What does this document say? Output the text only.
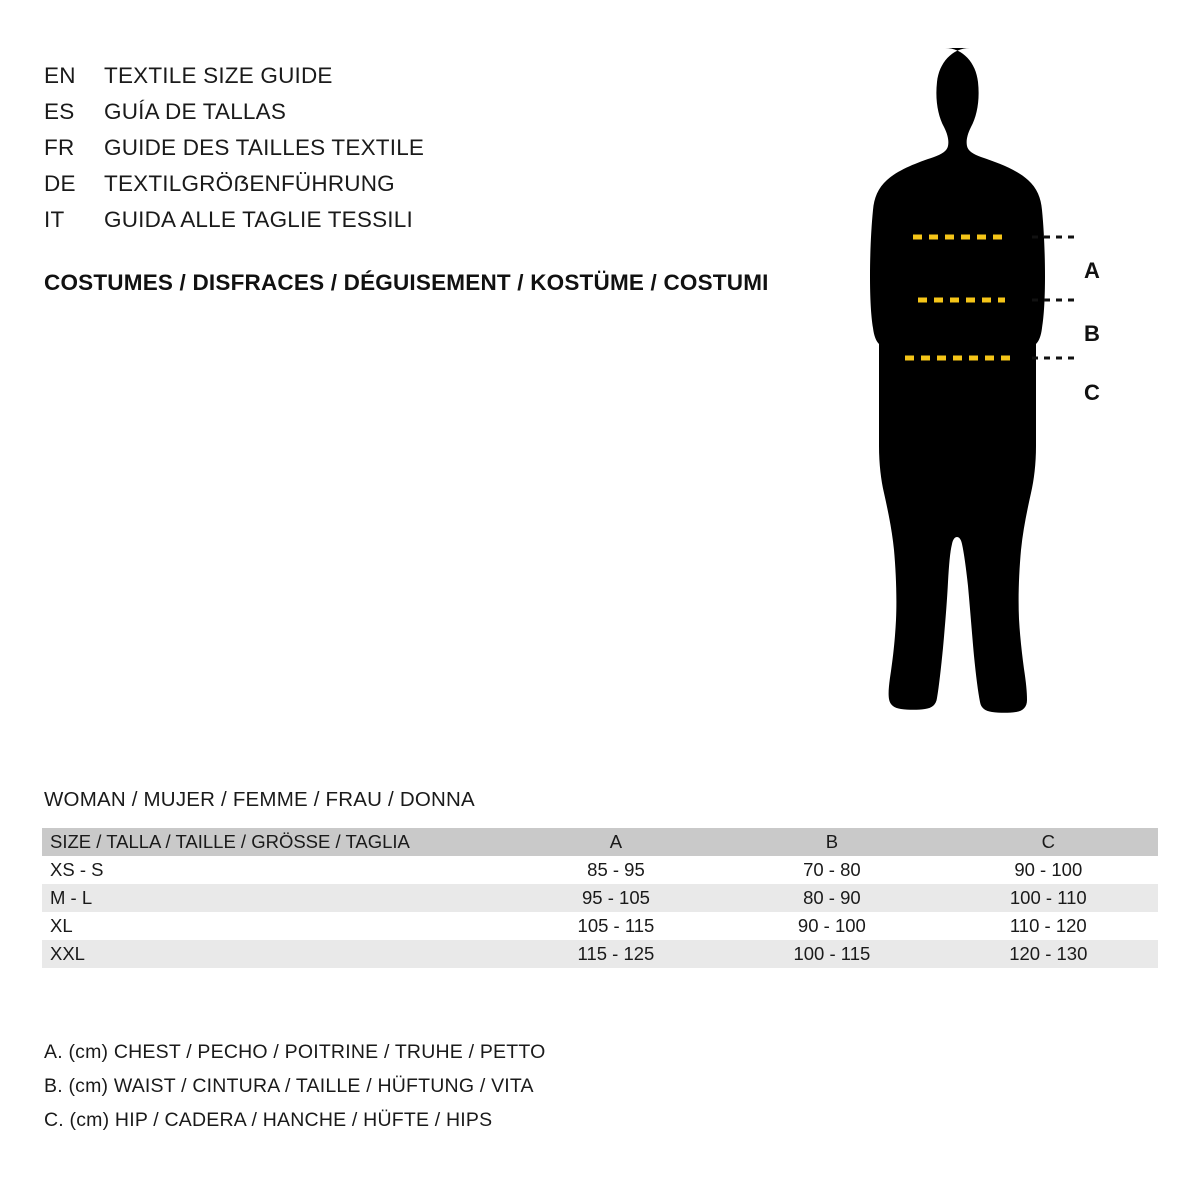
EN	TEXTILE SIZE GUIDE
ES	GUÍA DE TALLAS
FR	GUIDE DES TAILLES TEXTILE
DE	TEXTILGRÖẞENFÜHRUNG
IT	GUIDA ALLE TAGLIE TESSILI
COSTUMES / DISFRACES / DÉGUISEMENT / KOSTÜME / COSTUMI	A
B
C
WOMAN / MUJER / FEMME / FRAU / DONNA
SIZE / TALLA / TAILLE / GRÖSSE / TAGLIA	A	B	C
XS - S	85 - 95	70 - 80	90 - 100
M - L	95 - 105	80 - 90	100 - 110
XL	105 - 115	90 - 100	110 - 120
XXL	115 - 125	100 - 115	120 - 130
A. (cm) CHEST / PECHO / POITRINE / TRUHE / PETTO
B. (cm) WAIST / CINTURA / TAILLE / HÜFTUNG / VITA
C. (cm) HIP / CADERA / HANCHE / HÜFTE / HIPS
